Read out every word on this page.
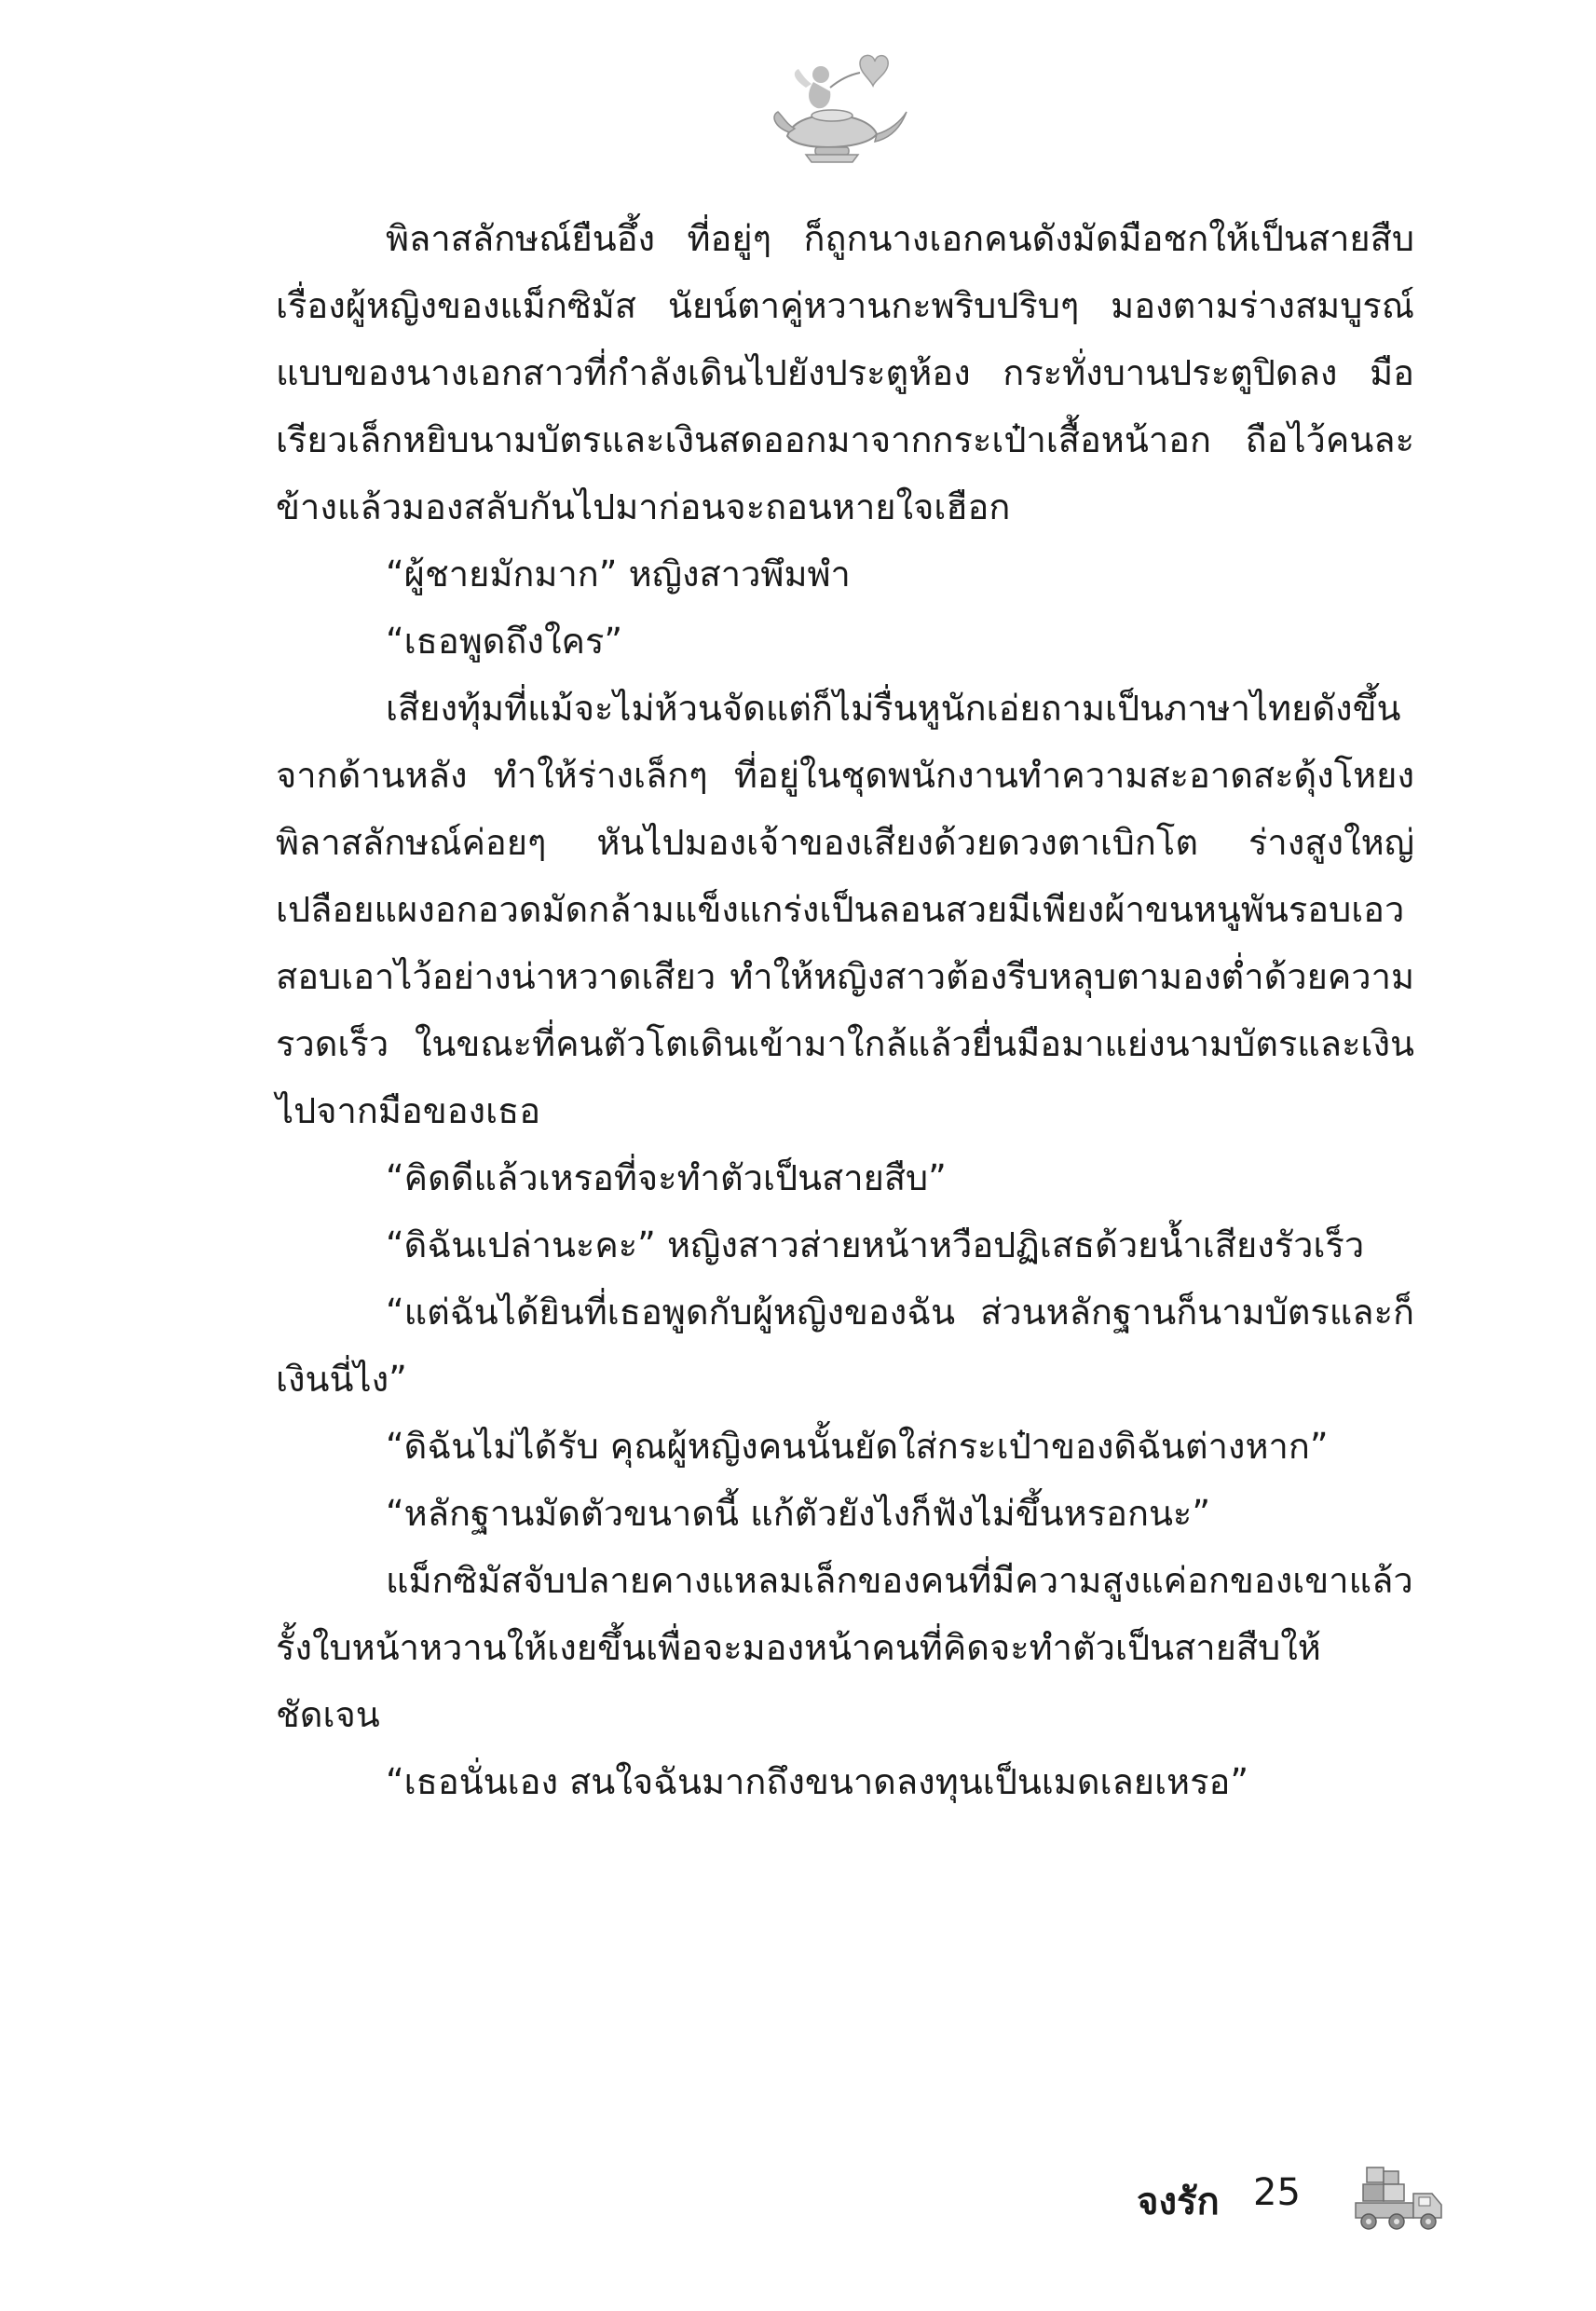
พิลาสลักษณ์ยืนอึ้ง ที่อยู่ๆ ก็ถูกนางเอกคนดังมัดมือชกให้เป็นสายสืบเรื่องผู้หญิงของแม็กซิมัส นัยน์ตาคู่หวานกะพริบปริบๆ มองตามร่างสมบูรณ์แบบของนางเอกสาวที่กำลังเดินไปยังประตูห้อง กระทั่งบานประตูปิดลง มือเรียวเล็กหยิบนามบัตรและเงินสดออกมาจากกระเป๋าเสื้อหน้าอก ถือไว้คนละข้างแล้วมองสลับกันไปมาก่อนจะถอนหายใจเฮือก

“ผู้ชายมักมาก” หญิงสาวพึมพำ

“เธอพูดถึงใคร”

เสียงทุ้มที่แม้จะไม่ห้วนจัดแต่ก็ไม่รื่นหูนักเอ่ยถามเป็นภาษาไทยดังขึ้นจากด้านหลัง ทำให้ร่างเล็กๆ ที่อยู่ในชุดพนักงานทำความสะอาดสะดุ้งโหยง พิลาสลักษณ์ค่อยๆ หันไปมองเจ้าของเสียงด้วยดวงตาเบิกโต ร่างสูงใหญ่เปลือยแผงอกอวดมัดกล้ามแข็งแกร่งเป็นลอนสวยมีเพียงผ้าขนหนูพันรอบเอวสอบเอาไว้อย่างน่าหวาดเสียว ทำให้หญิงสาวต้องรีบหลุบตามองต่ำด้วยความรวดเร็ว ในขณะที่คนตัวโตเดินเข้ามาใกล้แล้วยื่นมือมาแย่งนามบัตรและเงินไปจากมือของเธอ

“คิดดีแล้วเหรอที่จะทำตัวเป็นสายสืบ”

“ดิฉันเปล่านะคะ” หญิงสาวส่ายหน้าหวือปฏิเสธด้วยน้ำเสียงรัวเร็ว

“แต่ฉันได้ยินที่เธอพูดกับผู้หญิงของฉัน ส่วนหลักฐานก็นามบัตรและก็เงินนี่ไง”

“ดิฉันไม่ได้รับ คุณผู้หญิงคนนั้นยัดใส่กระเป๋าของดิฉันต่างหาก”

“หลักฐานมัดตัวขนาดนี้ แก้ตัวยังไงก็ฟังไม่ขึ้นหรอกนะ”

แม็กซิมัสจับปลายคางแหลมเล็กของคนที่มีความสูงแค่อกของเขาแล้วรั้งใบหน้าหวานให้เงยขึ้นเพื่อจะมองหน้าคนที่คิดจะทำตัวเป็นสายสืบให้ชัดเจน

“เธอนั่นเอง สนใจฉันมากถึงขนาดลงทุนเป็นเมดเลยเหรอ”

จงรัก 25
